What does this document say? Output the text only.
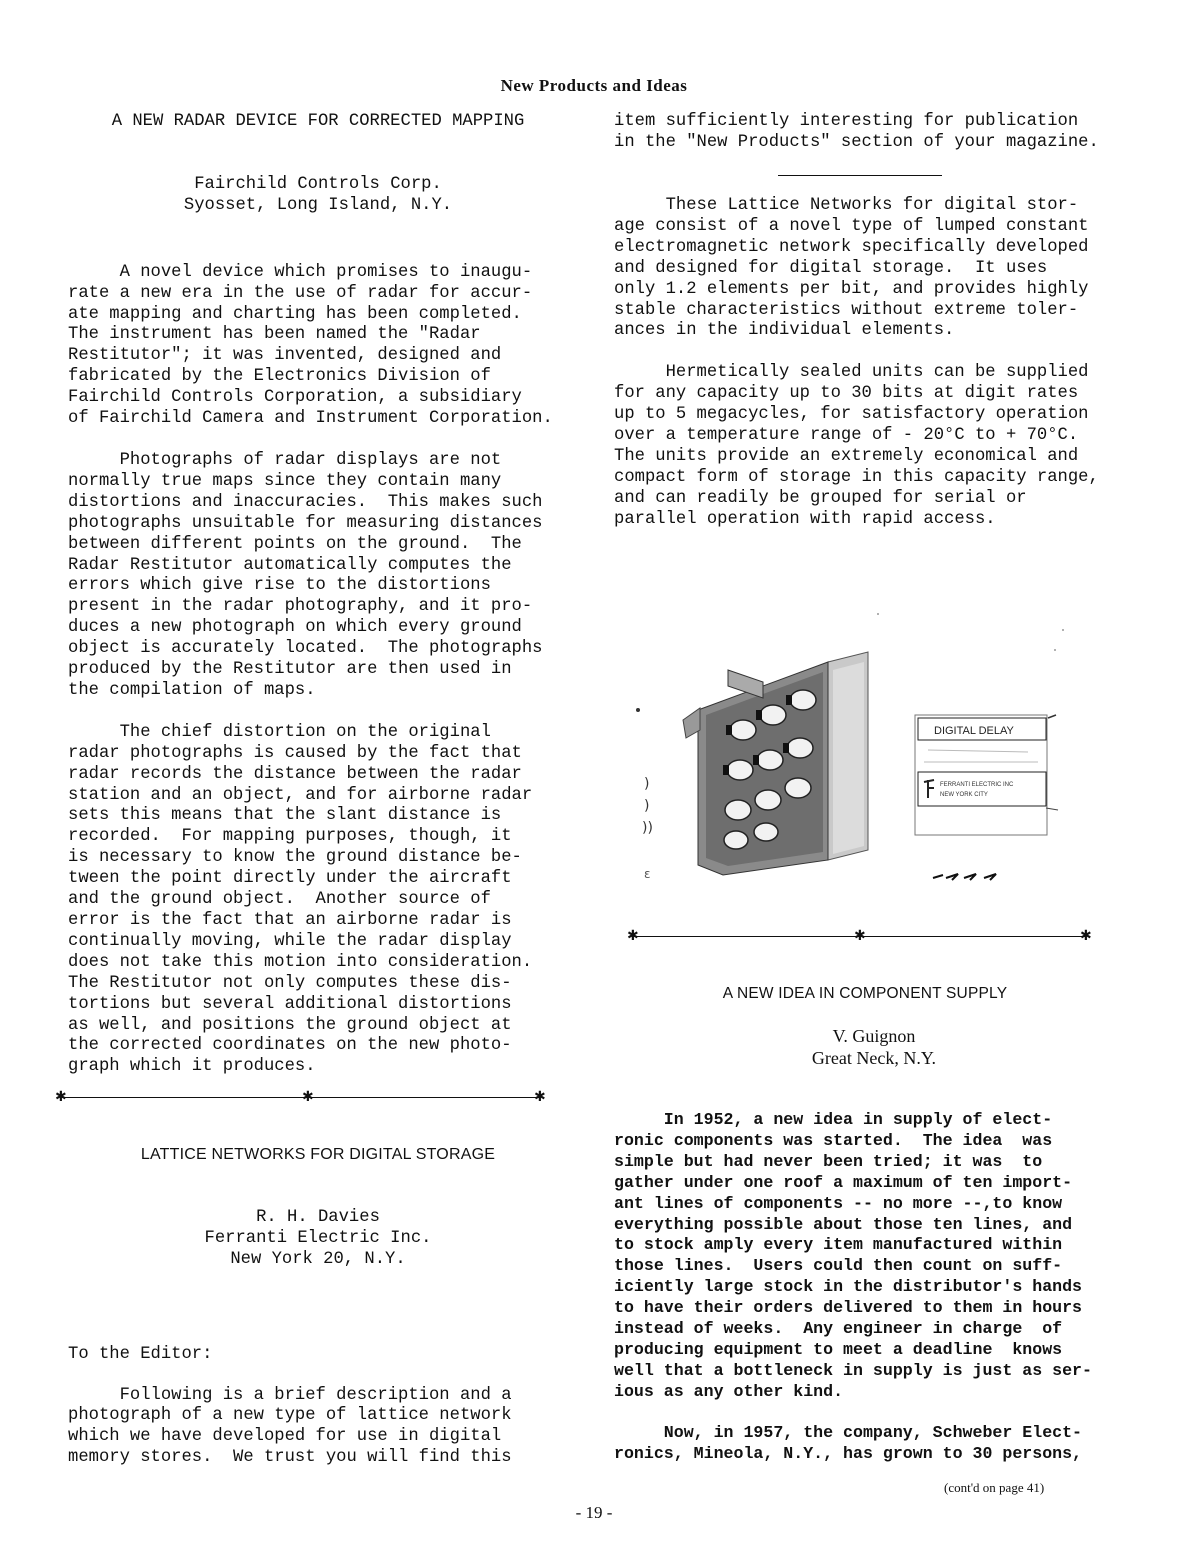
New Products and Ideas

A NEW RADAR DEVICE FOR CORRECTED MAPPING

Fairchild Controls Corp.

Syosset, Long Island, N.Y.

A novel device which promises to inaugu-
rate a new era in the use of radar for accur-
ate mapping and charting has been completed.
The instrument has been named the "Radar
Restitutor"; it was invented, designed and
fabricated by the Electronics Division of
Fairchild Controls Corporation, a subsidiary
of Fairchild Camera and Instrument Corporation.

Photographs of radar displays are not
normally true maps since they contain many
distortions and inaccuracies.  This makes such
photographs unsuitable for measuring distances
between different points on the ground.  The
Radar Restitutor automatically computes the
errors which give rise to the distortions
present in the radar photography, and it pro-
duces a new photograph on which every ground
object is accurately located.  The photographs
produced by the Restitutor are then used in
the compilation of maps.

The chief distortion on the original
radar photographs is caused by the fact that
radar records the distance between the radar
station and an object, and for airborne radar
sets this means that the slant distance is
recorded.  For mapping purposes, though, it
is necessary to know the ground distance be-
tween the point directly under the aircraft
and the ground object.  Another source of
error is the fact that an airborne radar is
continually moving, while the radar display
does not take this motion into consideration.
The Restitutor not only computes these dis-
tortions but several additional distortions
as well, and positions the ground object at
the corrected coordinates on the new photo-
graph which it produces.

✱	✱	✱

LATTICE NETWORKS FOR DIGITAL STORAGE

R. H. Davies

Ferranti Electric Inc.

New York 20, N.Y.

To the Editor:

Following is a brief description and a
photograph of a new type of lattice network
which we have developed for use in digital
memory stores.  We trust you will find this

item sufficiently interesting for publication
in the "New Products" section of your magazine.

These Lattice Networks for digital stor-
age consist of a novel type of lumped constant
electromagnetic network specifically developed
and designed for digital storage.  It uses
only 1.2 elements per bit, and provides highly
stable characteristics without extreme toler-
ances in the individual elements.

Hermetically sealed units can be supplied
for any capacity up to 30 bits at digit rates
up to 5 megacycles, for satisfactory operation
over a temperature range of - 20°C to + 70°C.
The units provide an extremely economical and
compact form of storage in this capacity range,
and can readily be grouped for serial or
parallel operation with rapid access.

)
)
))
ɛ
DIGITAL DELAY
FERRANTI ELECTRIC INC
NEW YORK CITY
✱	✱	✱

A NEW IDEA IN COMPONENT SUPPLY

V. Guignon

Great Neck, N.Y.

In 1952, a new idea in supply of elect-
ronic components was started.  The idea  was
simple but had never been tried; it was  to
gather under one roof a maximum of ten import-
ant lines of components -- no more --,to know
everything possible about those ten lines, and
to stock amply every item manufactured within
those lines.  Users could then count on suff-
iciently large stock in the distributor's hands
to have their orders delivered to them in hours
instead of weeks.  Any engineer in charge  of
producing equipment to meet a deadline  knows
well that a bottleneck in supply is just as ser-
ious as any other kind.

Now, in 1957, the company, Schweber Elect-
ronics, Mineola, N.Y., has grown to 30 persons,

(cont'd on page 41)
- 19 -
